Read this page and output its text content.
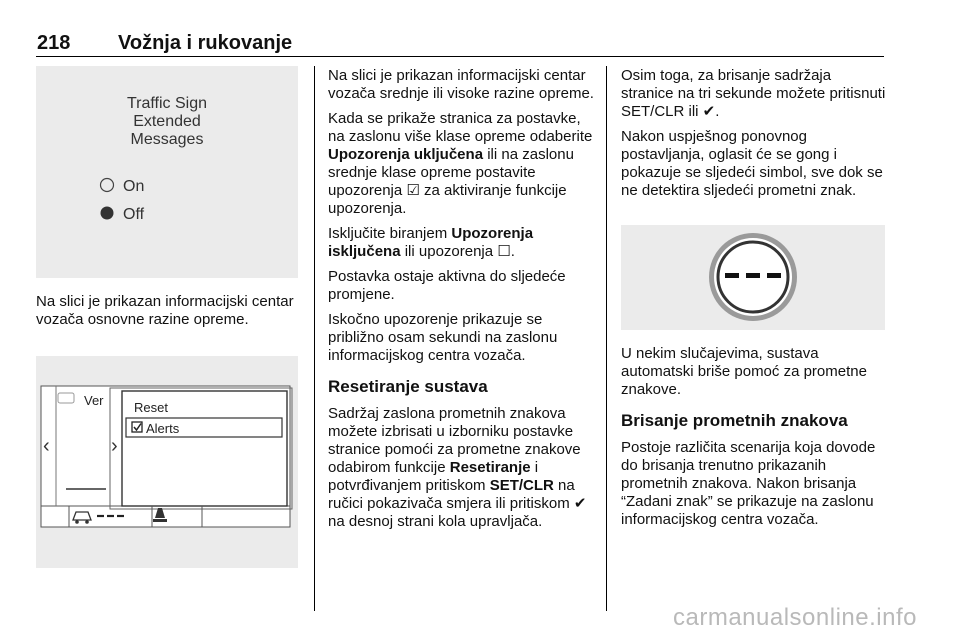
218 Vožnja i rukovanje
Traffic Sign
Extended
Messages
On
Off

Na slici je prikazan informacijski centar vozača osnovne razine opreme.

Ver
‹	›
Reset
Alerts

Na slici je prikazan informacijski centar vozača srednje ili visoke razine opreme.

Kada se prikaže stranica za postavke, na zaslonu više klase opreme odaberite Upozorenja uključena ili na zaslonu srednje klase opreme postavite upozorenja ☑ za aktiviranje funkcije upozorenja.

Isključite biranjem Upozorenja isključena ili upozorenja ☐.

Postavka ostaje aktivna do sljedeće promjene.

Iskočno upozorenje prikazuje se približno osam sekundi na zaslonu informacijskog centra vozača.

Resetiranje sustava

Sadržaj zaslona prometnih znakova možete izbrisati u izborniku postavke stranice pomoći za prometne znakove odabirom funkcije Resetiranje i potvrđivanjem pritiskom SET/CLR na ručici pokazivača smjera ili pritiskom ✔ na desnoj strani kola upravljača.

Osim toga, za brisanje sadržaja stranice na tri sekunde možete pritisnuti SET/CLR ili ✔.

Nakon uspješnog ponovnog postavljanja, oglasit će se gong i pokazuje se sljedeći simbol, sve dok se ne detektira sljedeći prometni znak.

U nekim slučajevima, sustava automatski briše pomoć za prometne znakove.

Brisanje prometnih znakova

Postoje različita scenarija koja dovode do brisanja trenutno prikazanih prometnih znakova. Nakon brisanja “Zadani znak” se prikazuje na zaslonu informacijskog centra vozača.

carmanualsonline.info
